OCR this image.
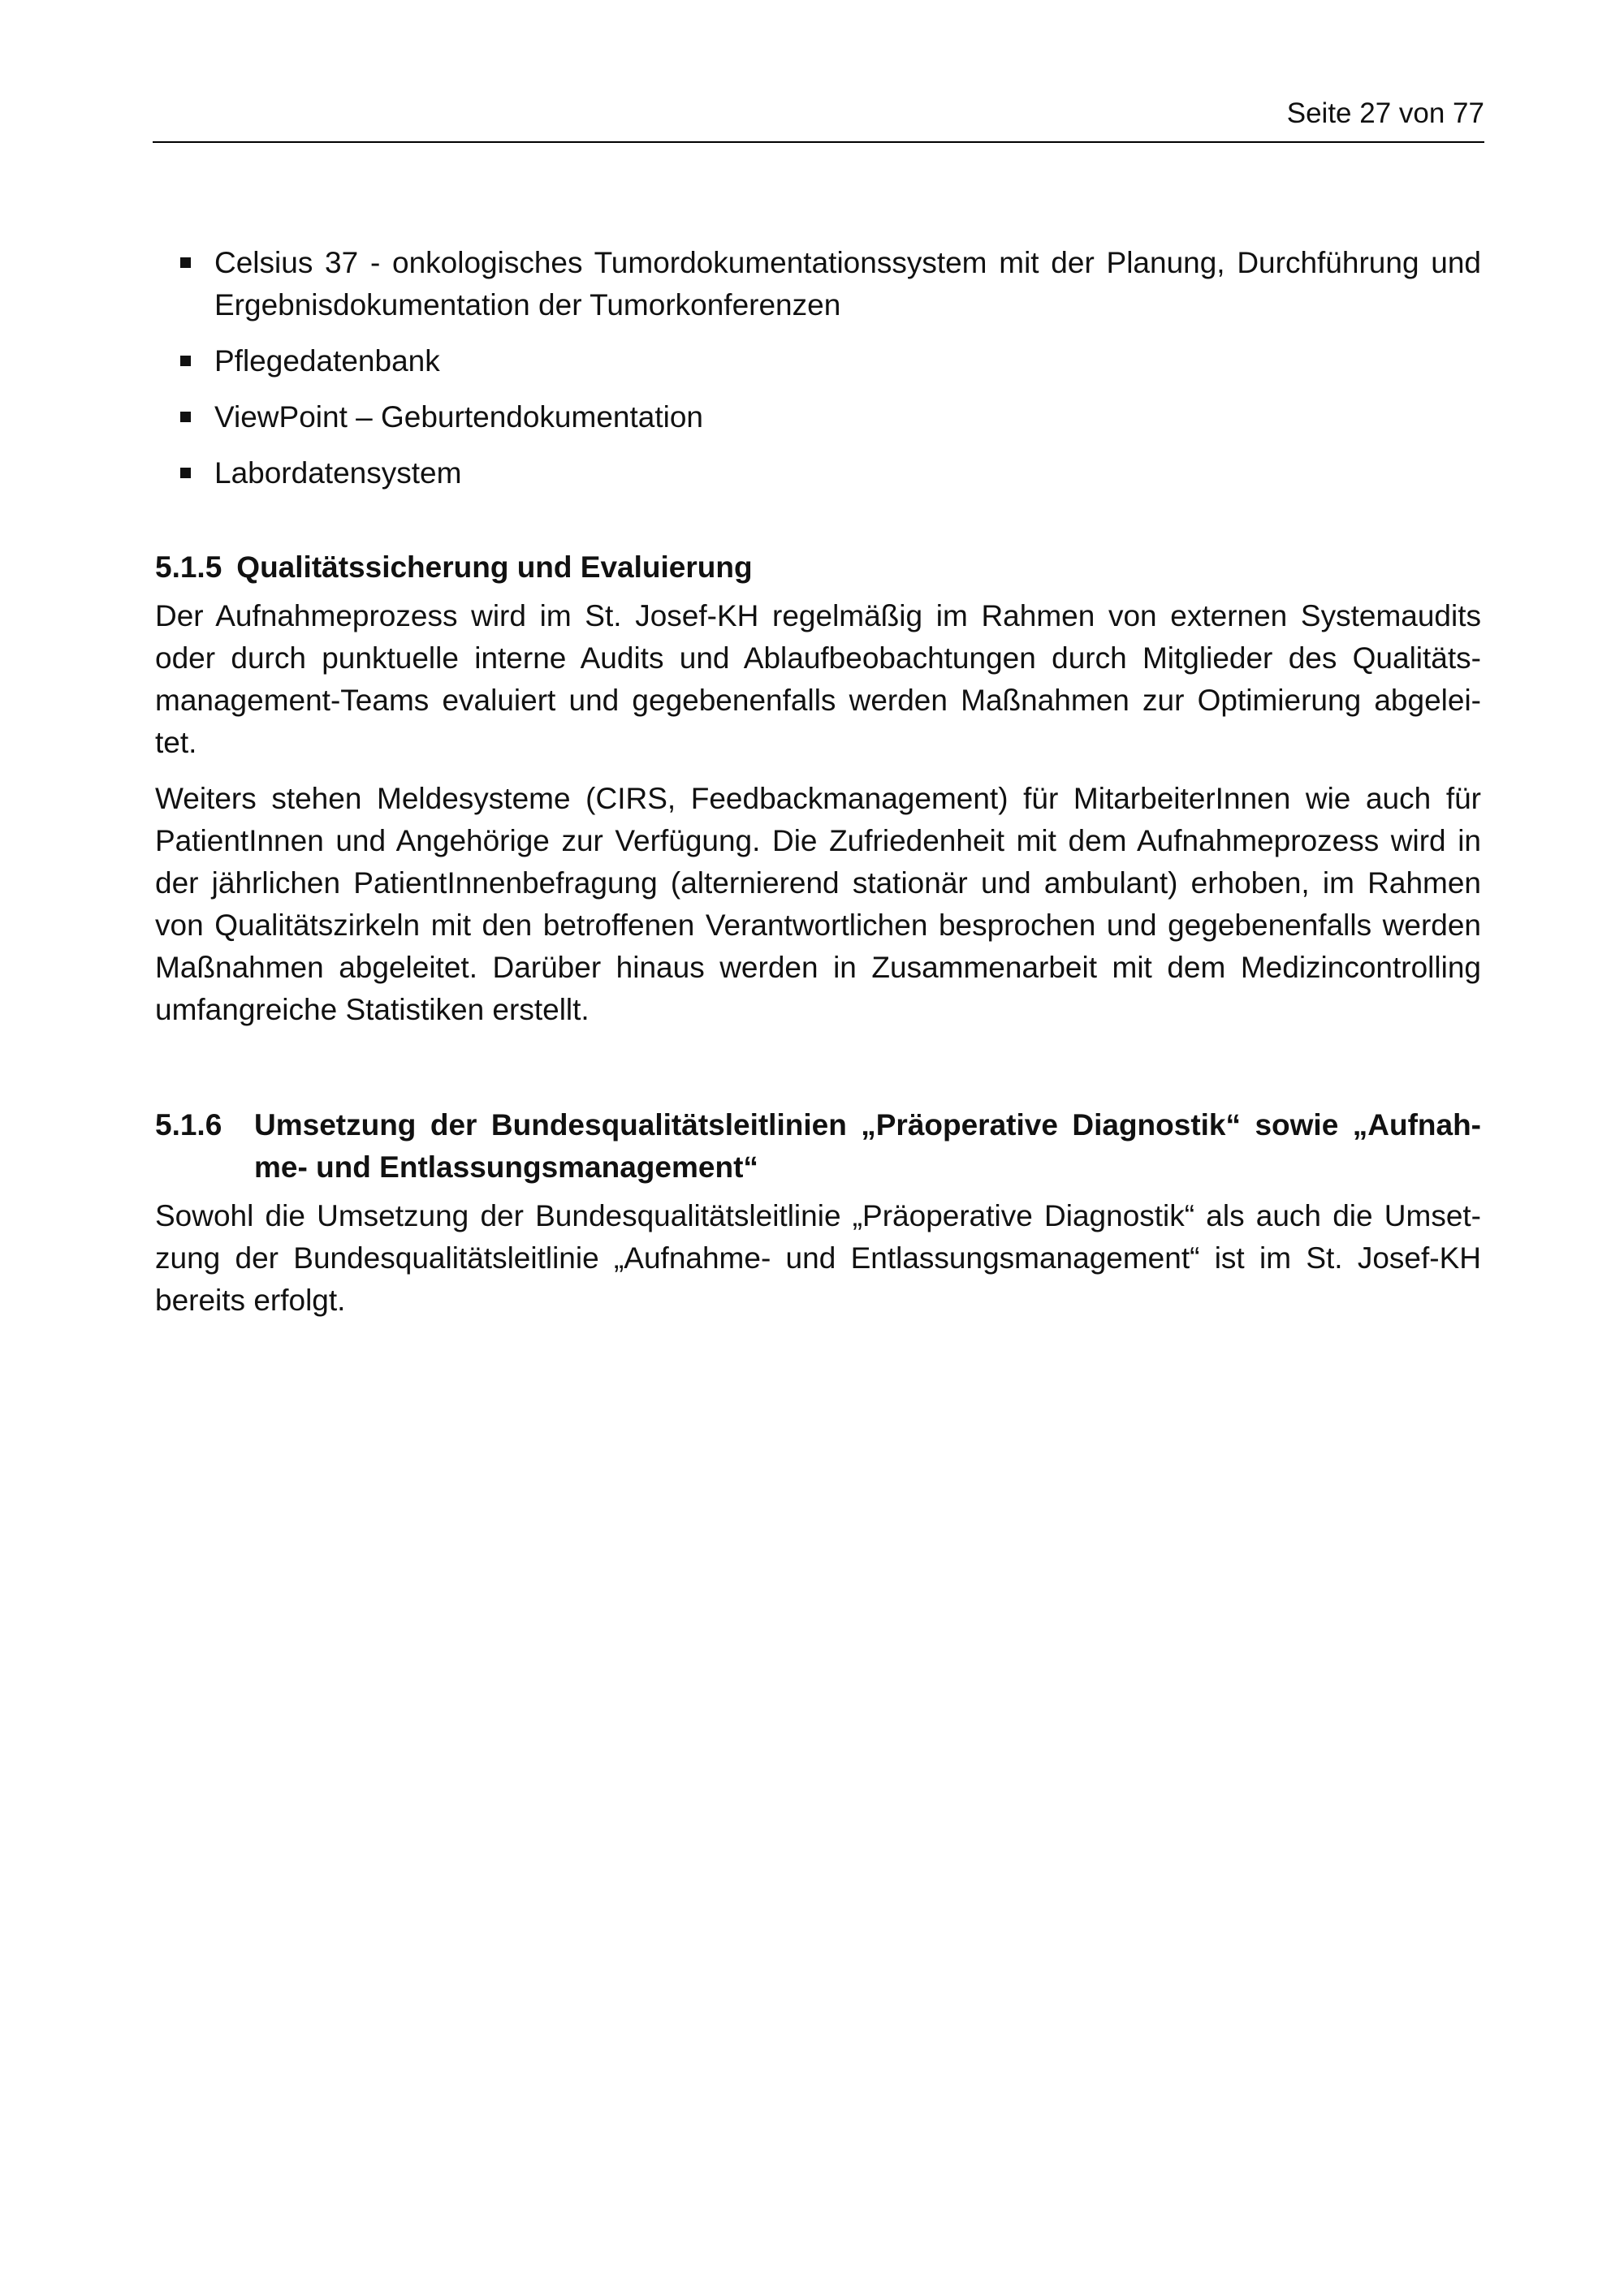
Seite 27 von 77
Celsius 37 - onkologisches Tumordokumentationssystem mit der Planung, Durchführung und Ergebnisdokumentation der Tumorkonferenzen
Pflegedatenbank
ViewPoint – Geburtendokumentation
Labordatensystem
5.1.5 Qualitätssicherung und Evaluierung

Der Aufnahmeprozess wird im St. Josef-KH regelmäßig im Rahmen von externen Systemaudits oder durch punktuelle interne Audits und Ablaufbeobachtungen durch Mitglieder des Qualitäts-management-Teams evaluiert und gegebenenfalls werden Maßnahmen zur Optimierung abgelei-tet.

Weiters stehen Meldesysteme (CIRS, Feedbackmanagement) für MitarbeiterInnen wie auch für PatientInnen und Angehörige zur Verfügung. Die Zufriedenheit mit dem Aufnahmeprozess wird in der jährlichen PatientInnenbefragung (alternierend stationär und ambulant) erhoben, im Rahmen von Qualitätszirkeln mit den betroffenen Verantwortlichen besprochen und gegebenenfalls werden Maßnahmen abgeleitet. Darüber hinaus werden in Zusammenarbeit mit dem Medizincontrolling umfangreiche Statistiken erstellt.

5.1.6 Umsetzung der Bundesqualitätsleitlinien „Präoperative Diagnostik“ sowie „Aufnah-me- und Entlassungsmanagement“

Sowohl die Umsetzung der Bundesqualitätsleitlinie „Präoperative Diagnostik“ als auch die Umset-zung der Bundesqualitätsleitlinie „Aufnahme- und Entlassungsmanagement“ ist im St. Josef-KH bereits erfolgt.
